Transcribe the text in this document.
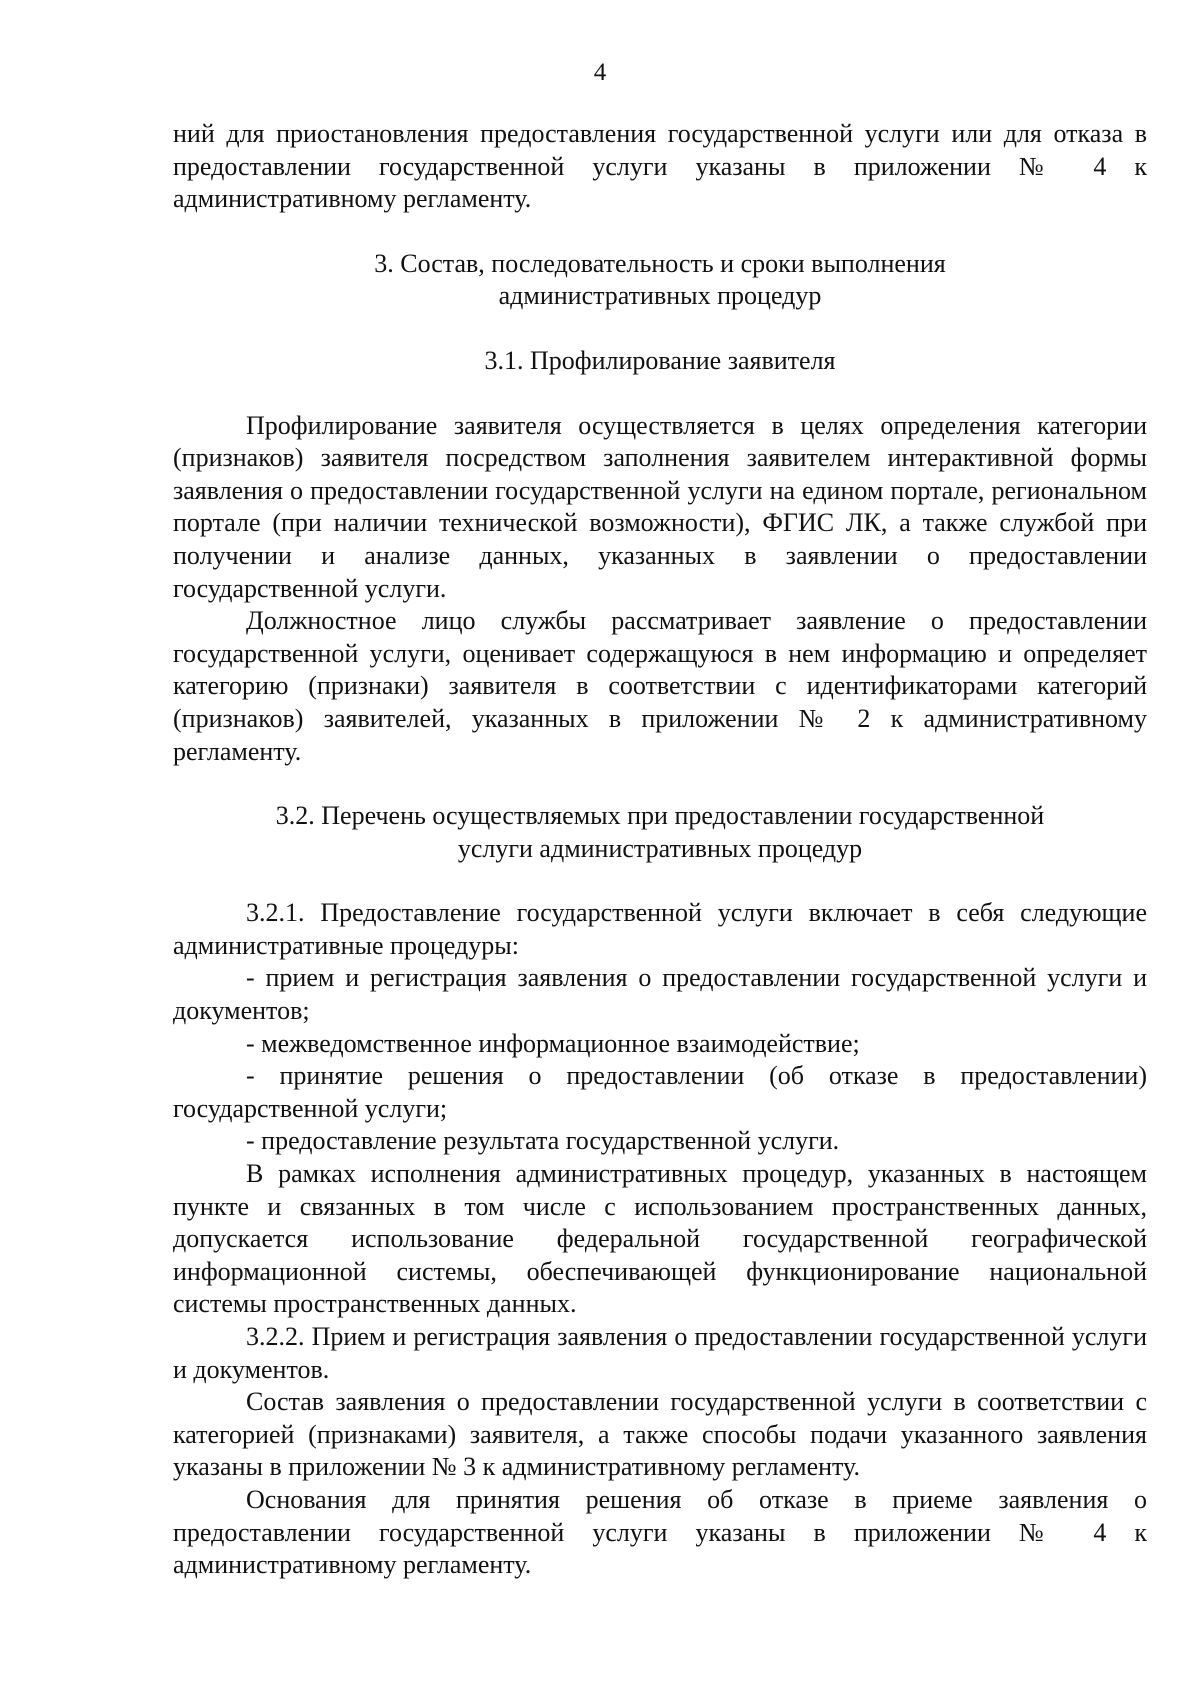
4

ний для приостановления предоставления государственной услуги или для отказа в предоставлении государственной услуги указаны в приложении № 4 к административному регламенту.

3. Состав, последовательность и сроки выполнения административных процедур

3.1. Профилирование заявителя

Профилирование заявителя осуществляется в целях определения категории (признаков) заявителя посредством заполнения заявителем интерактивной формы заявления о предоставлении государственной услуги на едином портале, региональном портале (при наличии технической возможности), ФГИС ЛК, а также службой при получении и анализе данных, указанных в заявлении о предоставлении государственной услуги.

Должностное лицо службы рассматривает заявление о предоставлении государственной услуги, оценивает содержащуюся в нем информацию и определяет категорию (признаки) заявителя в соответствии с идентификаторами категорий (признаков) заявителей, указанных в приложении № 2 к административному регламенту.

3.2. Перечень осуществляемых при предоставлении государственной услуги административных процедур

3.2.1. Предоставление государственной услуги включает в себя следующие административные процедуры:

- прием и регистрация заявления о предоставлении государственной услуги и документов;

- межведомственное информационное взаимодействие;

- принятие решения о предоставлении (об отказе в предоставлении) государственной услуги;

- предоставление результата государственной услуги.

В рамках исполнения административных процедур, указанных в настоящем пункте и связанных в том числе с использованием пространственных данных, допускается использование федеральной государственной географической информационной системы, обеспечивающей функционирование национальной системы пространственных данных.

3.2.2. Прием и регистрация заявления о предоставлении государственной услуги и документов.

Состав заявления о предоставлении государственной услуги в соответствии с категорией (признаками) заявителя, а также способы подачи указанного заявления указаны в приложении № 3 к административному регламенту.

Основания для принятия решения об отказе в приеме заявления о предоставлении государственной услуги указаны в приложении № 4 к административному регламенту.
